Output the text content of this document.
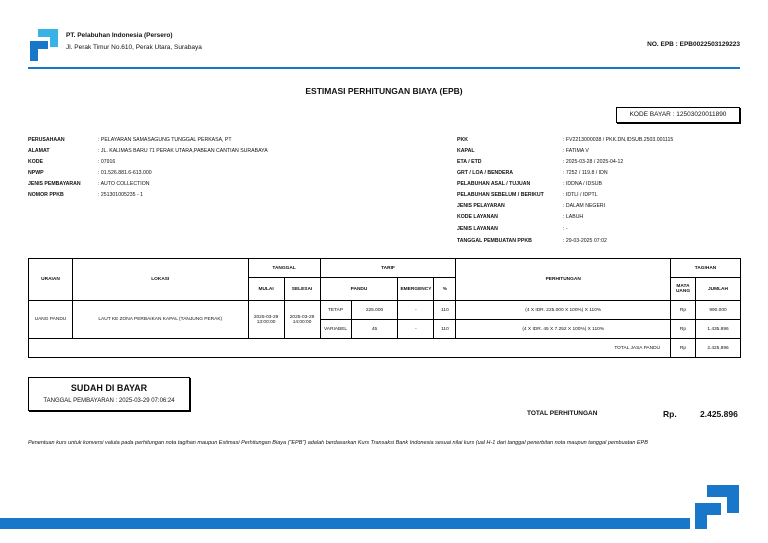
PT. Pelabuhan Indonesia (Persero)
Jl. Perak Timur No.610, Perak Utara, Surabaya	NO. EPB : EPB0022503129223
ESTIMASI PERHITUNGAN BIAYA (EPB)
KODE BAYAR : 12503020011890
PERUSAHAAN	: PELAYARAN SAMASAGUNG TUNGGAL PERKASA, PT
ALAMAT	: JL. KALIMAS BARU 71 PERAK UTARA,PABEAN CANTIAN SURABAYA
KODE	: 07916
NPWP	: 01.526.881.6-613.000
JENIS PEMBAYARAN	: AUTO COLLECTION
NOMOR PPKB	: 251301005235 - 1
PKK	: FV2213000038 / PKK.DN.IDSUB.2503.001115
KAPAL	: FATIMA V
ETA / ETD	: 2025-03-28 / 2025-04-12
GRT / LOA / BENDERA	: 7252 / 119.8 / IDN
PELABUHAN ASAL / TUJUAN	: IDDNA / IDSUB
PELABUHAN SEBELUM / BERIKUT	: IDTLI / IDPTL
JENIS PELAYARAN	: DALAM NEGERI
KODE LAYANAN	: LABUH
JENIS LAYANAN	: -
TANGGAL PEMBUATAN PPKB	: 29-03-2025 07:02
URAIAN	LOKASI	TANGGAL		TARIF				PERHITUNGAN	TAGIHAN	
		MULAI	SELESAI	PANDU		EMERGENCY	%		MATA UANG	JUMLAH
UANG PANDU	LAUT KE ZONA PERBAIKAN KAPAL (TANJUNG PERAK)	2025-03-29 13:00:00	2025-03-29 14:00:00	TETAP	225.000	-	110	(4 X IDR. 225.000 X 100%) X 110%	Rp	990.000
				VARIABEL	45	-	110	(4 X IDR. 45 X 7.252 X 100%) X 110%	Rp	1.435.896
TOTAL JASA PANDU									Rp	2.425.896
SUDAH DI BAYAR
TANGGAL PEMBAYARAN : 2025-03-29 07:06:24
TOTAL PERHITUNGAN	Rp.	2.425.896
Penentuan kurs untuk konversi valuta pada perhitungan nota tagihan maupun Estimasi Perhitungan Biaya ("EPB") adalah berdasarkan Kurs Transaksi Bank Indonesia sesuai nilai kurs (ual H-1 dari tanggal penerbitan nota maupun tanggal pembuatan EPB
